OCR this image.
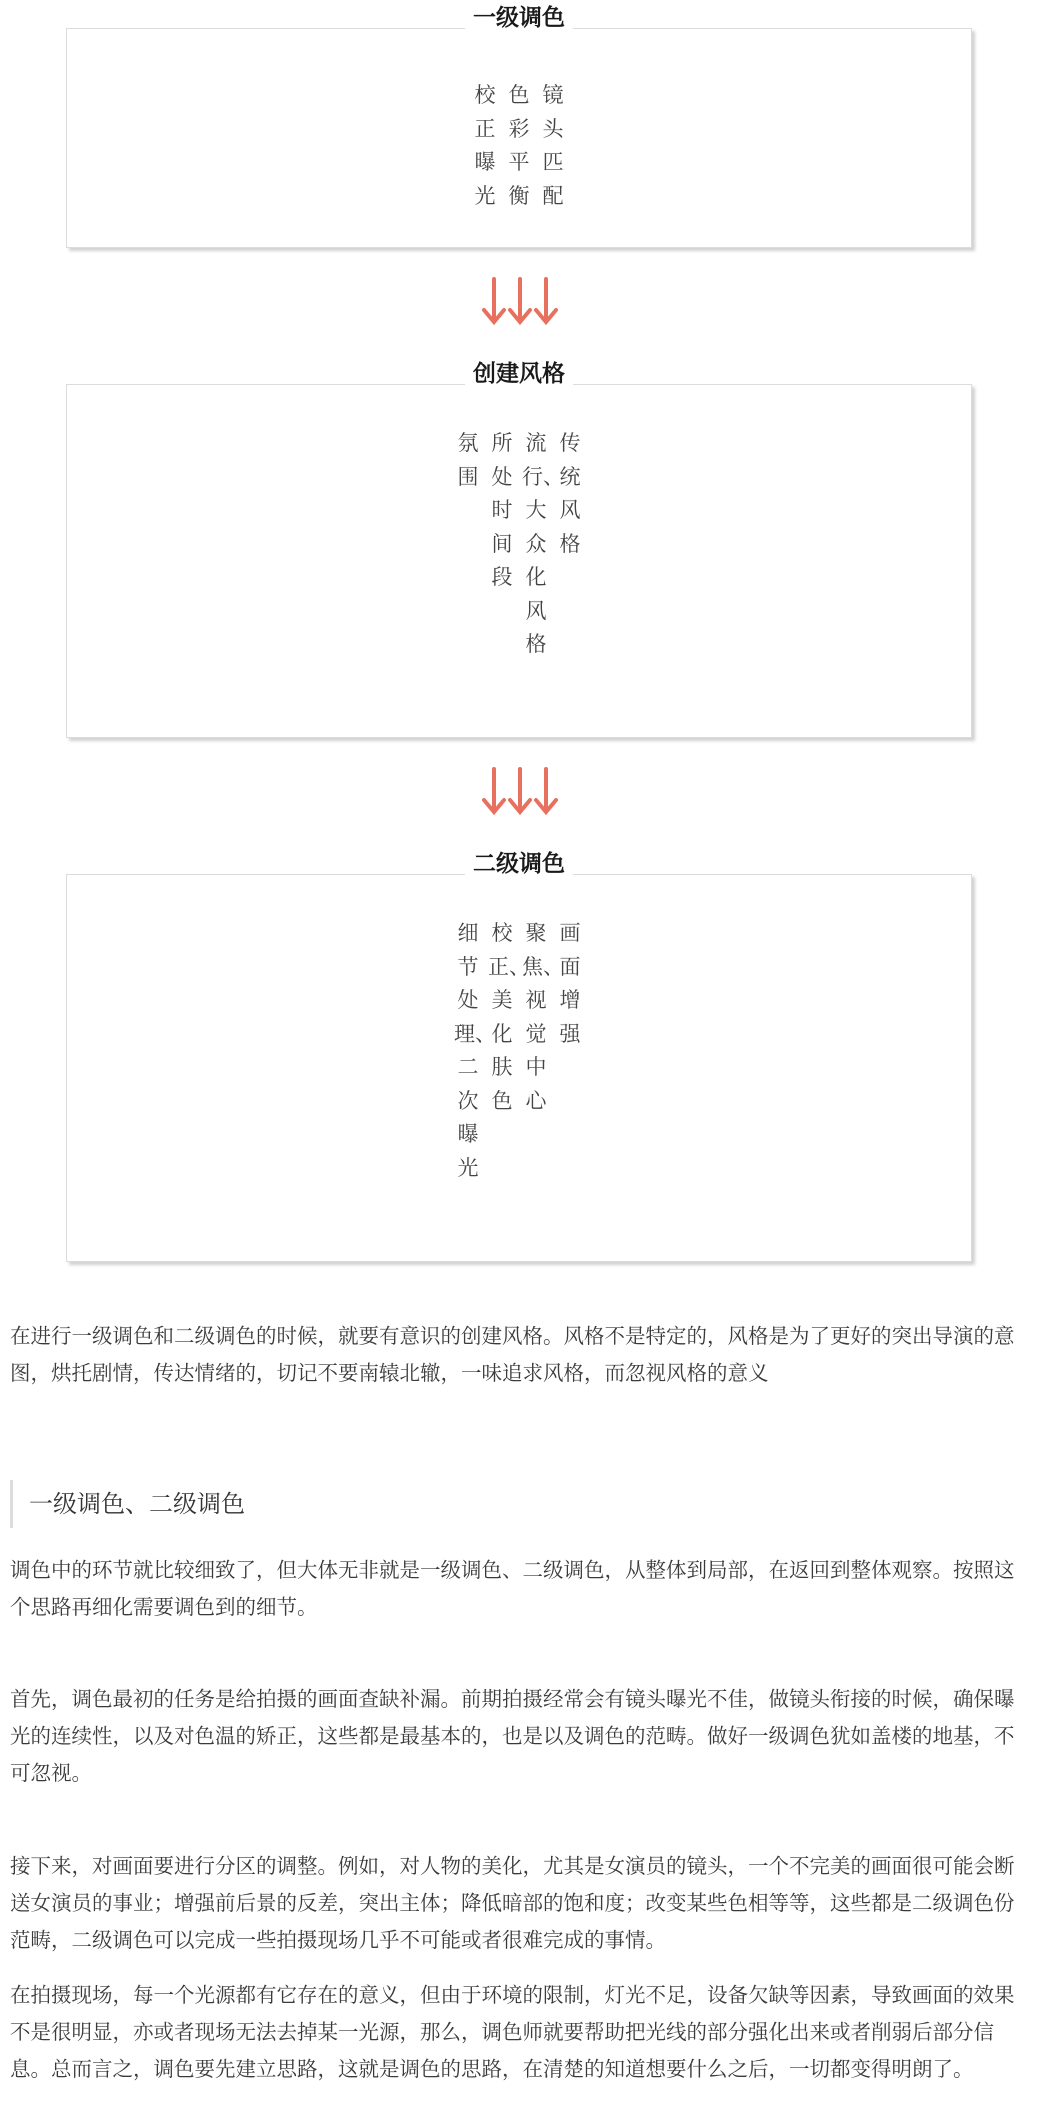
一级调色
校正曝光
色彩平衡
镜头匹配
创建风格
氛围
所处时间段
流行、大众化风格
传统风格
二级调色
细节处理、二次曝光
校正、美化肤色
聚焦、视觉中心
画面增强

在进行一级调色和二级调色的时候，就要有意识的创建风格。风格不是特定的，风格是为了更好的突出导演的意图，烘托剧情，传达情绪的，切记不要南辕北辙，一味追求风格，而忽视风格的意义

一级调色、二级调色

调色中的环节就比较细致了，但大体无非就是一级调色、二级调色，从整体到局部，在返回到整体观察。按照这个思路再细化需要调色到的细节。

首先，调色最初的任务是给拍摄的画面查缺补漏。前期拍摄经常会有镜头曝光不佳，做镜头衔接的时候，确保曝光的连续性，以及对色温的矫正，这些都是最基本的，也是以及调色的范畴。做好一级调色犹如盖楼的地基，不可忽视。

接下来，对画面要进行分区的调整。例如，对人物的美化，尤其是女演员的镜头，一个不完美的画面很可能会断送女演员的事业；增强前后景的反差，突出主体；降低暗部的饱和度；改变某些色相等等，这些都是二级调色份范畴，二级调色可以完成一些拍摄现场几乎不可能或者很难完成的事情。

在拍摄现场，每一个光源都有它存在的意义，但由于环境的限制，灯光不足，设备欠缺等因素，导致画面的效果不是很明显，亦或者现场无法去掉某一光源，那么，调色师就要帮助把光线的部分强化出来或者削弱后部分信息。总而言之，调色要先建立思路，这就是调色的思路，在清楚的知道想要什么之后，一切都变得明朗了。
